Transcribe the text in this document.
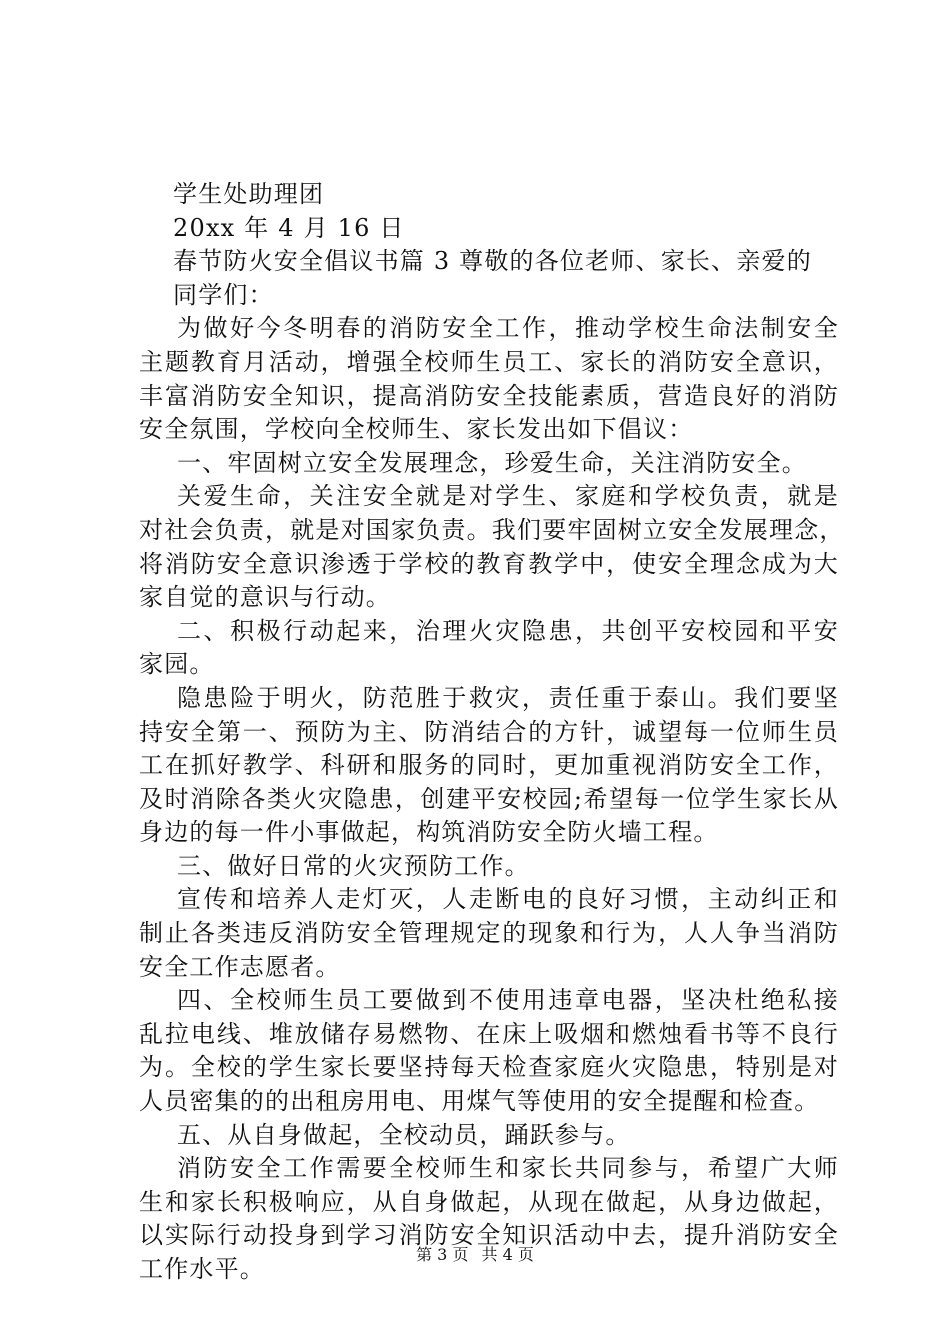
学生处助理团
20xx 年 4 月 16 日
春节防火安全倡议书篇 3 尊敬的各位老师、家长、亲爱的
同学们：
为做好今冬明春的消防安全工作，推动学校生命法制安全
主题教育月活动，增强全校师生员工、家长的消防安全意识，
丰富消防安全知识，提高消防安全技能素质，营造良好的消防
安全氛围，学校向全校师生、家长发出如下倡议：
一、牢固树立安全发展理念，珍爱生命，关注消防安全。
关爱生命，关注安全就是对学生、家庭和学校负责，就是
对社会负责，就是对国家负责。我们要牢固树立安全发展理念，
将消防安全意识渗透于学校的教育教学中，使安全理念成为大
家自觉的意识与行动。
二、积极行动起来，治理火灾隐患，共创平安校园和平安
家园。
隐患险于明火，防范胜于救灾，责任重于泰山。我们要坚
持安全第一、预防为主、防消结合的方针，诚望每一位师生员
工在抓好教学、科研和服务的同时，更加重视消防安全工作，
及时消除各类火灾隐患，创建平安校园;希望每一位学生家长从
身边的每一件小事做起，构筑消防安全防火墙工程。
三、做好日常的火灾预防工作。
宣传和培养人走灯灭，人走断电的良好习惯，主动纠正和
制止各类违反消防安全管理规定的现象和行为，人人争当消防
安全工作志愿者。
四、全校师生员工要做到不使用违章电器，坚决杜绝私接
乱拉电线、堆放储存易燃物、在床上吸烟和燃烛看书等不良行
为。全校的学生家长要坚持每天检查家庭火灾隐患，特别是对
人员密集的的出租房用电、用煤气等使用的安全提醒和检查。
五、从自身做起，全校动员，踊跃参与。
消防安全工作需要全校师生和家长共同参与，希望广大师
生和家长积极响应，从自身做起，从现在做起，从身边做起，
以实际行动投身到学习消防安全知识活动中去，提升消防安全
工作水平。
第 3 页 共 4 页
